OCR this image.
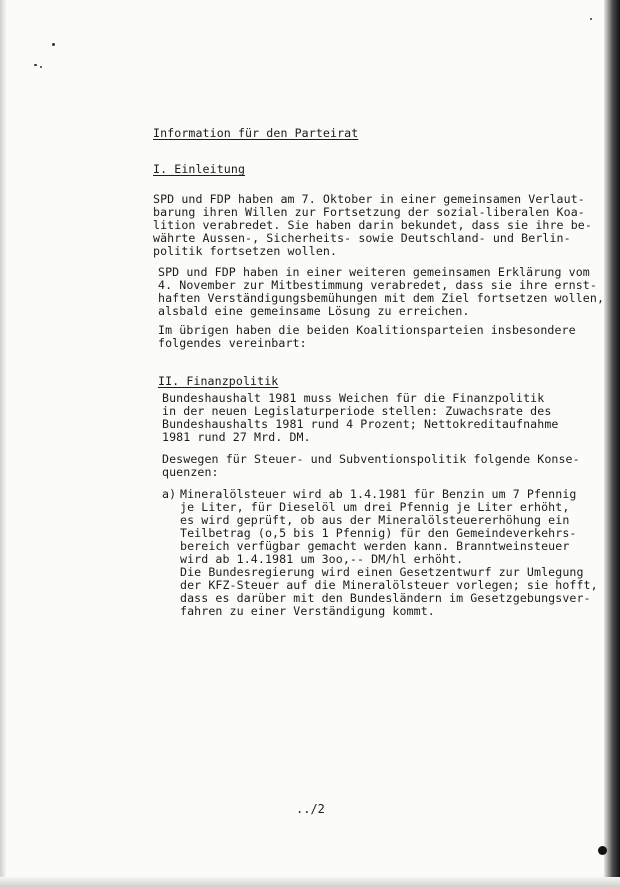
Information für den Parteirat
I. Einleitung
SPD und FDP haben am 7. Oktober in einer gemeinsamen Verlaut-
barung ihren Willen zur Fortsetzung der sozial-liberalen Koa-
lition verabredet. Sie haben darin bekundet, dass sie ihre be-
währte Aussen-, Sicherheits- sowie Deutschland- und Berlin-
politik fortsetzen wollen.
SPD und FDP haben in einer weiteren gemeinsamen Erklärung vom
4. November zur Mitbestimmung verabredet, dass sie ihre ernst-
haften Verständigungsbemühungen mit dem Ziel fortsetzen wollen,
alsbald eine gemeinsame Lösung zu erreichen.
Im übrigen haben die beiden Koalitionsparteien insbesondere
folgendes vereinbart:
II. Finanzpolitik
Bundeshaushalt 1981 muss Weichen für die Finanzpolitik
in der neuen Legislaturperiode stellen: Zuwachsrate des
Bundeshaushalts 1981 rund 4 Prozent; Nettokreditaufnahme
1981 rund 27 Mrd. DM.
Deswegen für Steuer- und Subventionspolitik folgende Konse-
quenzen:
a) Mineralölsteuer wird ab 1.4.1981 für Benzin um 7 Pfennig
je Liter, für Dieselöl um drei Pfennig je Liter erhöht,
es wird geprüft, ob aus der Mineralölsteuererhöhung ein
Teilbetrag (o,5 bis 1 Pfennig) für den Gemeindeverkehrs-
bereich verfügbar gemacht werden kann. Branntweinsteuer
wird ab 1.4.1981 um 3oo,-- DM/hl erhöht.
Die Bundesregierung wird einen Gesetzentwurf zur Umlegung
der KFZ-Steuer auf die Mineralölsteuer vorlegen; sie hofft,
dass es darüber mit den Bundesländern im Gesetzgebungsver-
fahren zu einer Verständigung kommt.
../2
